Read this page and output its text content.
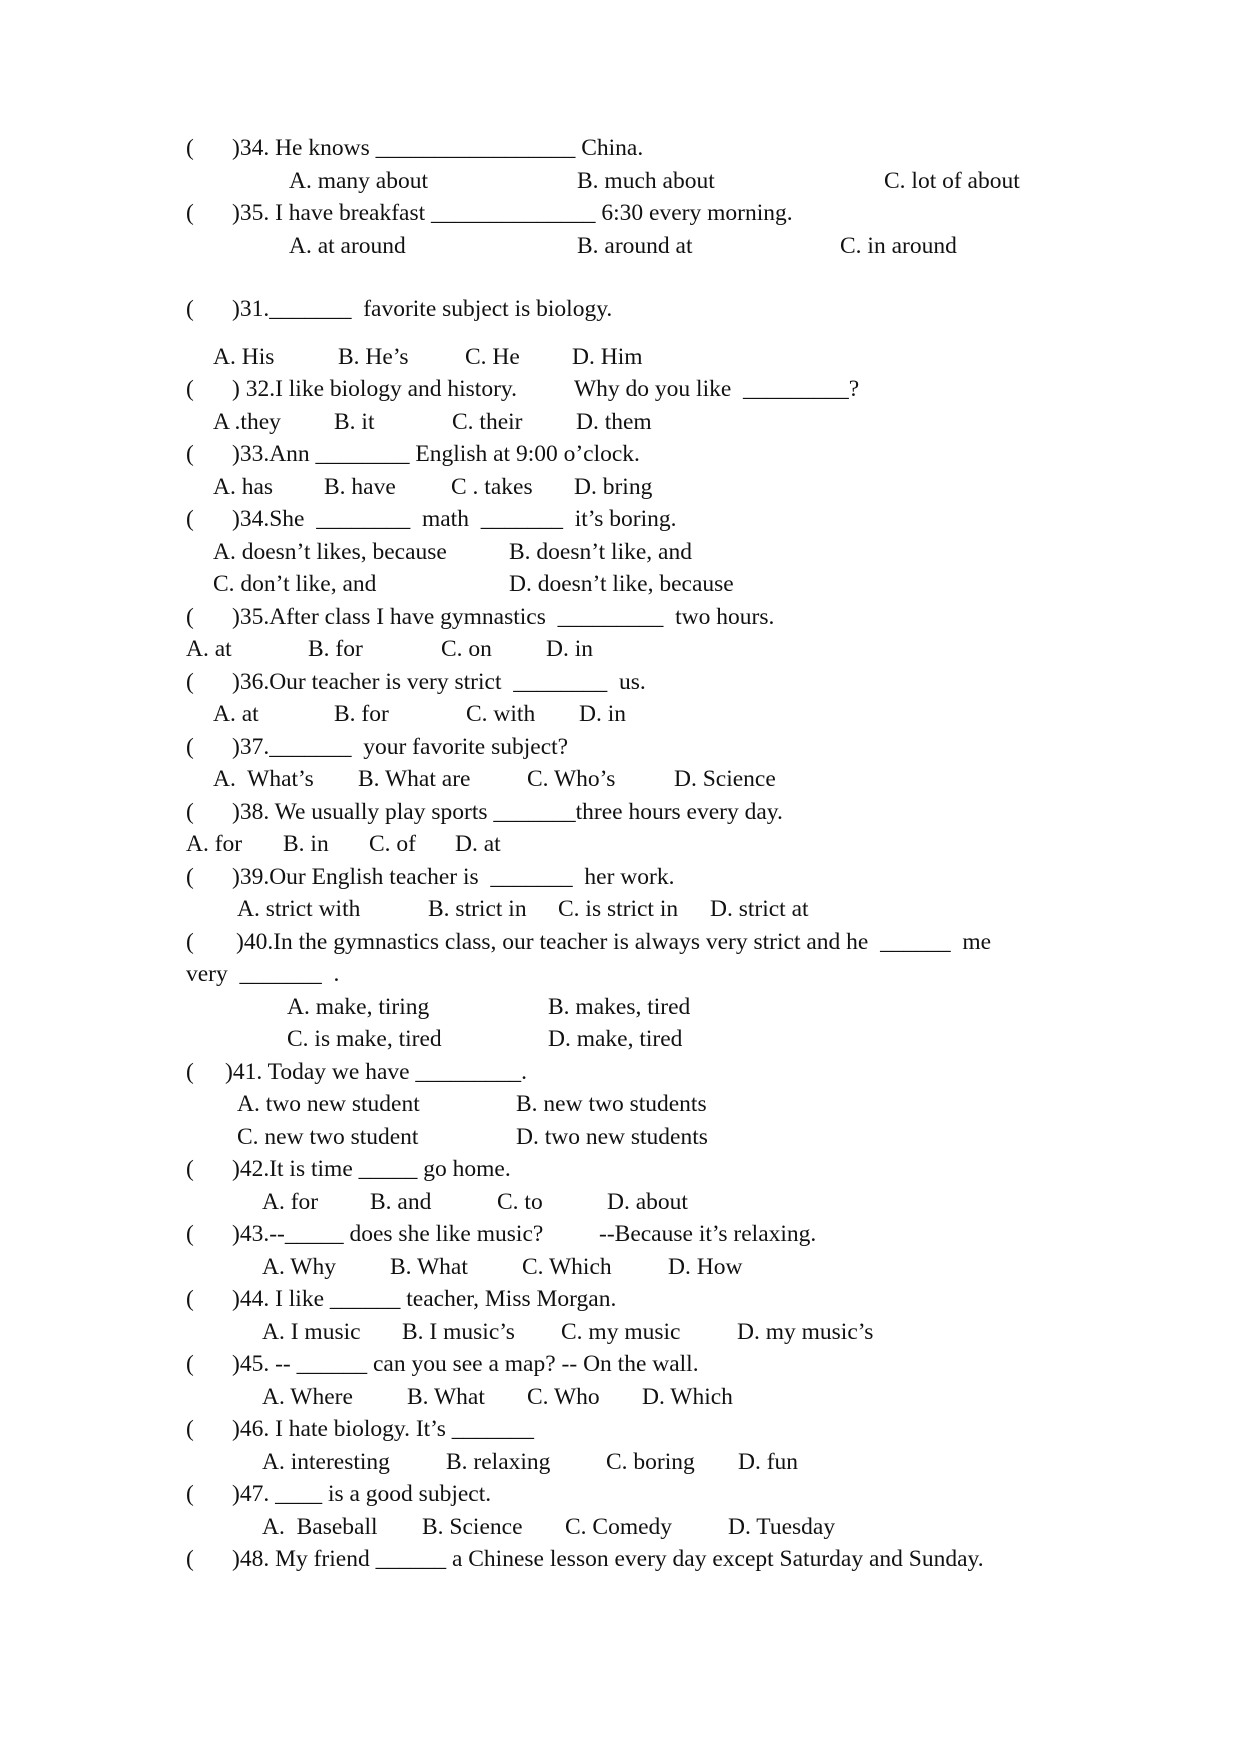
( )34. He knows _________________ China.
A. many about	B. much about	C. lot of about
( )35. I have breakfast ______________ 6:30 every morning.
A. at around	B. around at	C. in around
( )31._______  favorite subject is biology.
A. His	B. He’s C. He D. Him
( ) 32.I like biology and history. Why do you like  _________?
A .they B. it	C. their D. them
( )33.Ann ________ English at 9:00 o’clock.
A. has B. have C . takes D. bring
( )34.She  ________  math  _______  it’s boring.
A. doesn’t likes, because	B. doesn’t like, and
C. don’t like, and	D. doesn’t like, because
( )35.After class I have gymnastics  _________  two hours.
A. at	B. for	C. on D. in
( )36.Our teacher is very strict  ________  us.
A. at	B. for	C. with D. in
( )37._______  your favorite subject?
A.  What’s B. What are C. Who’s D. Science
( )38. We usually play sports _______three hours every day.
A. for B. in C. of D. at
( )39.Our English teacher is  _______  her work.
A. strict with	B. strict in C. is strict in D. strict at
( )40.In the gymnastics class, our teacher is always very strict and he  ______  me
very  _______  .
A. make, tiring	B. makes, tired
C. is make, tired	D. make, tired
( )41. Today we have _________.
A. two new student	B. new two students
C. new two student	D. two new students
( )42.It is time _____ go home.
A. for B. and	C. to	D. about
( )43.--_____ does she like music? --Because it’s relaxing.
A. Why B. What C. Which D. How
( )44. I like ______ teacher, Miss Morgan.
A. I music B. I music’s C. my music D. my music’s
( )45. -- ______ can you see a map? -- On the wall.
A. Where B. What C. Who D. Which
( )46. I hate biology. It’s _______
A. interesting B. relaxing C. boring D. fun
( )47. ____ is a good subject.
A.  Baseball B. Science C. Comedy D. Tuesday
( )48. My friend ______ a Chinese lesson every day except Saturday and Sunday.
